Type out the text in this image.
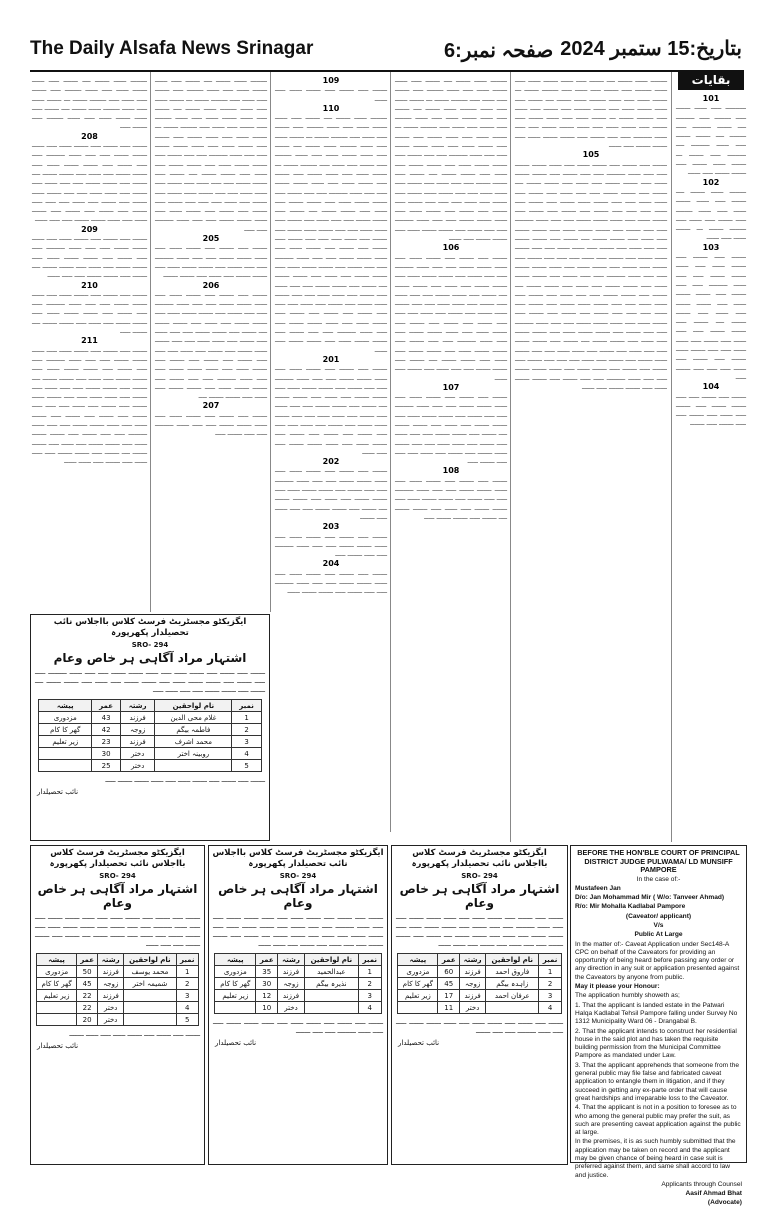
The Daily Alsafa News Srinagar	صفحہ نمبر:6 بتاریخ:15 ستمبر 2024
بقایات
101
ــــــــــ ـــــ ــــــ ـــــــ ـــــ ــــــــ ـــــ ـــــــــ ــــ ـــــــ ـــــــــ ـــــ ــــــــ ــــ ـــــــ ـــــــ ـــــ ــــــ ـــــــــ ــــ ـــــــــ ـــــ ـــــــ ـــ ـــــــ ــــــ ـــــــ ـــــ ـــــــ ـــــــ ـــــ ــــــ
102
ــــــــ ــــــ ـــــــ ــــ ـــــــ ـــــ ــــــ ـــــــ ــــــ ـــــ ــــــ ــــــــ ـــــ ـــــــ ـــــ ــــــ ـــــ ــــــــ ـــــــ ـــ ـــــــ ــــــ ـــــ ــــــ
103
ـــــــ ـــــ ـــــــ ـــــ ـــــــ ــــــ ـــــ ــــــ ـــــــ ـــــــ ـــــ ـــــ ــــــ ـــــــــ ـــــ ـــــ ـــــــ ـــــ ـــــــ ـــــــ ــــــ ـــــ ـــــــ ـــــــ ـــــ ــــــ ـــــ ـــــــ ـــــــ ــــ ـــــــ ـــــ ـــــــ ـــــــ ـــــ ـــــ ــــــ ـــــ ـــــــ ـــــ ــــــ ــــــ ـــــ ـــــ ـــــــ ــــــ ـــــــ ـــــ ـــــــ ـــــ ــــــ ـــــ ـــــ ـــــ ـــــــ ـــــ
104
ـــــــ ـــــ ـــــــ ـــــ ـــــ ـــــــ ـــــــ ـــــ ـــــــ ـــــ ــــــ ـــــ ـــــــ ـــــ ـــــ ـــــــ ـــــ ـــــــ
ــــــــ ــــــ ـــــــ ــــ ـــــــ ـــــ ــــــ ـــــــ ــــــ ـــــ ــــــ ــــــــ ـــــ ـــــــ ـــــ ــــــ ـــــ ــــــــ ـــــــ ـــ ـــــــ ــــــ ـــــ ــــــ ــــــــ ــــــ ـــــــ ــــ ـــــــ ـــــ ــــــ ـــــــ ــــــ ـــــ ــــــ ــــــــ ـــــ ـــــــ ـــــ ــــــ ـــــ ــــــــ ـــــــ ـــ ـــــــ ــــــ ـــــ ــــــ ـــــــ ـــــ ـــــــ ـــــ ـــــــ ــــــ ـــــ ــــــ ـــــــ ـــــــ ـــــ ـــــ ــــــ ـــــــــ ـــــ ـــــ ـــــــ ـــــ ـــــــ ـــــــ ــــــ ـــــ ـــــــ ـــــــ ـــــ ــــــ
105
ـــــــ ـــــ ـــــــ ـــــ ـــــــ ــــــ ـــــ ــــــ ـــــــ ـــــــ ـــــ ـــــ ــــــ ـــــــــ ـــــ ـــــ ـــــــ ـــــ ـــــــ ـــــــ ــــــ ـــــ ـــــــ ـــــــ ـــــ ــــــ ـــــ ـــــــ ـــــــ ــــ ـــــــ ـــــ ـــــــ ـــــــ ـــــ ـــــ ــــــ ـــــ ـــــــ ـــــ ــــــ ــــــ ـــــ ـــــ ـــــــ ــــــ ـــــــ ـــــ ـــــــ ـــــ ــــــ ـــــ ـــــ ـــــ ـــــــ ـــــ ـــــــ ـــــ ـــــــ ـــــ ـــــــ ــــــ ـــــ ــــــ ـــــــ ـــــــ ـــــ ـــــ ــــــ ـــــــــ ـــــ ـــــ ـــــــ ـــــ ـــــــ ـــــــ ــــــ ـــــ ـــــــ ـــــــ ـــــ ــــــ ـــــ ـــــــ ـــــــ ــــ ـــــــ ـــــ ـــــــ ـــــــ ـــــ ـــــ ــــــ ـــــ ـــــــ ـــــ ــــــ ــــــ ـــــ ـــــ ـــــــ ــــــ ـــــــ ـــــ ـــــــ ـــــ ــــــ ـــــ ـــــ ـــــ ـــــــ ـــــ ـــــــ ـــــ ـــــــ ـــــ ـــــــ ــــــ ـــــ ــــــ ـــــــ ـــــــ ـــــ ـــــ ــــــ ـــــــــ ـــــ ـــــ ـــــــ ـــــ ـــــــ ـــــــ ــــــ ـــــ ـــــــ ـــــــ ـــــ ــــــ ـــــ ـــــــ ـــــــ ــــ ـــــــ ـــــ ـــــــ ـــــــ ـــــ ـــــ ــــــ ـــــ ـــــــ ـــــ ــــــ ــــــ ـــــ ـــــ ـــــــ ــــــ ـــــــ ـــــ ـــــــ ـــــ ــــــ ـــــ ـــــ ـــــ ـــــــ ـــــ ـــــــ ـــــ ـــــــ ـــــ ـــــــ ــــــ ـــــ ــــــ ـــــــ ـــــــ ـــــ ـــــ ــــــ ـــــــــ ـــــ ـــــ ـــــــ ـــــ ـــــــ ـــــــ ــــــ ـــــ ـــــــ ـــــــ ـــــ ــــــ ـــــ ـــــــ ـــــــ ــــ ـــــــ ـــــ ـــــــ ـــــــ ـــــ ـــــ ــــــ ـــــ ـــــــ ـــــ ــــــ ــــــ ـــــ ـــــ ـــــــ ــــــ ـــــــ ـــــ ـــــــ ـــــ ــــــ ـــــ ـــــ ـــــ ـــــــ ـــــ ـــــــ ـــــ ـــــــ ـــــ ـــــــ ــــــ ـــــ ــــــ ـــــــ ـــــــ ـــــ ـــــ ــــــ ـــــــــ ـــــ ـــــ ـــــــ ـــــ ـــــــ ـــــــ ــــــ ـــــ ـــــــ ـــــــ ـــــ ــــــ
ــــــــ ــــــ ـــــــ ــــ ـــــــ ـــــ ــــــ ـــــــ ــــــ ـــــ ــــــ ــــــــ ـــــ ـــــــ ـــــ ــــــ ـــــ ــــــــ ـــــــ ـــ ـــــــ ــــــ ـــــ ــــــ ــــــــ ــــــ ـــــــ ــــ ـــــــ ـــــ ــــــ ـــــــ ــــــ ـــــ ــــــ ــــــــ ـــــ ـــــــ ـــــ ــــــ ـــــ ــــــــ ـــــــ ـــ ـــــــ ــــــ ـــــ ــــــ ـــــــ ـــــ ـــــــ ـــــ ـــــــ ــــــ ـــــ ــــــ ـــــــ ـــــــ ـــــ ـــــ ــــــ ـــــــــ ـــــ ـــــ ـــــــ ـــــ ـــــــ ـــــــ ــــــ ـــــ ـــــــ ـــــــ ـــــ ــــــ ـــــ ـــــــ ـــــــ ــــ ـــــــ ـــــ ـــــــ ـــــــ ـــــ ـــــ ــــــ ـــــ ـــــــ ـــــ ــــــ ــــــ ـــــ ـــــ ـــــــ ــــــ ـــــــ ـــــ ـــــــ ـــــ ــــــ ـــــ ـــــ ـــــ ـــــــ ـــــ ـــــــ ـــــ ـــــــ ـــــ ـــــــ ــــــ ـــــ ــــــ ـــــــ ـــــــ ـــــ ـــــ ــــــ ـــــــــ ـــــ ـــــ ـــــــ ـــــ ـــــــ ـــــــ ــــــ ـــــ ـــــــ ـــــــ ـــــ ــــــ
106
ـــــــ ـــــ ـــــــ ـــــ ـــــــ ــــــ ـــــ ــــــ ـــــــ ـــــــ ـــــ ـــــ ــــــ ـــــــــ ـــــ ـــــ ـــــــ ـــــ ـــــــ ـــــــ ــــــ ـــــ ـــــــ ـــــــ ـــــ ــــــ ـــــ ـــــــ ـــــــ ــــ ـــــــ ـــــ ـــــــ ـــــــ ـــــ ـــــ ــــــ ـــــ ـــــــ ـــــ ــــــ ــــــ ـــــ ـــــ ـــــــ ــــــ ـــــــ ـــــ ـــــــ ـــــ ــــــ ـــــ ـــــ ـــــ ـــــــ ـــــ ـــــــ ـــــ ـــــــ ـــــ ـــــــ ــــــ ـــــ ــــــ ـــــــ ـــــــ ـــــ ـــــ ــــــ ـــــــــ ـــــ ـــــ ـــــــ ـــــ ـــــــ ـــــــ ــــــ ـــــ ـــــــ ـــــــ ـــــ ــــــ ـــــ ـــــــ ـــــــ ــــ ـــــــ ـــــ ـــــــ ـــــــ ـــــ ـــــ ــــــ ـــــ ـــــــ ـــــ ــــــ
107
ـــــــ ـــــ ـــــــ ـــــ ـــــــ ــــــ ـــــ ــــــ ـــــــ ـــــــ ـــــ ـــــ ــــــ ـــــــــ ـــــ ـــــ ـــــــ ـــــ ـــــــ ـــــــ ــــــ ـــــ ـــــــ ـــــــ ـــــ ــــــ ـــــ ـــــــ ـــــــ ــــ ـــــــ ـــــ ـــــــ ـــــــ ـــــ ـــــ ــــــ ـــــ ـــــــ ـــــ ــــــ ــــــ ـــــ ـــــ ـــــــ ــــــ ـــــــ ـــــ ـــــــ ـــــ ــــــ ـــــ ـــــ ـــــ ـــــــ ـــــ
108
ـــــــ ـــــ ـــــــ ـــــ ـــــــ ــــــ ـــــ ــــــ ـــــــ ـــــــ ـــــ ـــــ ــــــ ـــــــــ ـــــ ـــــ ـــــــ ـــــ ـــــــ ـــــــ ــــــ ـــــ ـــــــ ـــــــ ـــــ ــــــ ـــــ ـــــــ ـــــــ ــــ ـــــــ ـــــ ـــــــ ـــــــ ـــــ
109
ـــــــ ـــــ ـــــــ ـــــ ـــــــ ــــــ ـــــ ــــــ
110
ــــــــ ــــــ ـــــــ ــــ ـــــــ ـــــ ــــــ ـــــــ ــــــ ـــــ ــــــ ــــــــ ـــــ ـــــــ ـــــ ــــــ ـــــ ــــــــ ـــــــ ـــ ـــــــ ــــــ ـــــ ــــــ ــــــــ ــــــ ـــــــ ــــ ـــــــ ـــــ ــــــ ـــــــ ــــــ ـــــ ــــــ ــــــــ ـــــ ـــــــ ـــــ ــــــ ـــــ ــــــــ ـــــــ ـــ ـــــــ ــــــ ـــــ ــــــ ـــــــ ـــــ ـــــــ ـــــ ـــــــ ــــــ ـــــ ــــــ ـــــــ ـــــــ ـــــ ـــــ ــــــ ـــــــــ ـــــ ـــــ ـــــــ ـــــ ـــــــ ـــــــ ــــــ ـــــ ـــــــ ـــــــ ـــــ ــــــ ـــــ ـــــــ ـــــــ ــــ ـــــــ ـــــ ـــــــ ـــــــ ـــــ ـــــ ــــــ ـــــ ـــــــ ـــــ ــــــ ــــــ ـــــ ـــــ ـــــــ ــــــ ـــــــ ـــــ ـــــــ ـــــ ــــــ ـــــ ـــــ ـــــ ـــــــ ـــــ ـــــــ ـــــ ـــــــ ـــــ ـــــــ ــــــ ـــــ ــــــ ـــــــ ـــــــ ـــــ ـــــ ــــــ ـــــــــ ـــــ ـــــ ـــــــ ـــــ ـــــــ ـــــــ ــــــ ـــــ ـــــــ ـــــــ ـــــ ــــــ ـــــ ـــــــ ـــــــ ــــ ـــــــ ـــــ ـــــــ ـــــــ ـــــ ـــــ ــــــ ـــــ ـــــــ ـــــ ــــــ ــــــ ـــــ ـــــ ـــــــ ــــــ ـــــــ ـــــ ـــــــ ـــــ ــــــ ـــــ ـــــ ـــــ ـــــــ ـــــ ـــــــ ـــــ ـــــــ ـــــ ـــــــ ــــــ ـــــ ــــــ ـــــــ ـــــــ ـــــ ـــــ ــــــ ـــــــــ ـــــ ـــــ ـــــــ ـــــ ـــــــ ـــــــ ــــــ ـــــ ـــــــ ـــــــ ـــــ ــــــ
201
ـــــــ ـــــ ـــــــ ـــــ ـــــــ ــــــ ـــــ ــــــ ـــــــ ـــــــ ـــــ ـــــ ــــــ ـــــــــ ـــــ ـــــ ـــــــ ـــــ ـــــــ ـــــــ ــــــ ـــــ ـــــــ ـــــــ ـــــ ــــــ ـــــ ـــــــ ـــــــ ــــ ـــــــ ـــــ ـــــــ ـــــــ ـــــ ـــــ ــــــ ـــــ ـــــــ ـــــ ــــــ ــــــ ـــــ ـــــ ـــــــ ــــــ ـــــــ ـــــ ـــــــ ـــــ ــــــ ـــــ ـــــ ـــــ ـــــــ ـــــ ـــــــ ـــــ ـــــــ ـــــ ـــــــ ــــــ ـــــ ــــــ ـــــــ ـــــــ ـــــ ـــــ ــــــ
202
ـــــــ ـــــ ـــــــ ـــــ ـــــــ ــــــ ـــــ ــــــ ـــــــ ـــــــ ـــــ ـــــ ــــــ ـــــــــ ـــــ ـــــ ـــــــ ـــــ ـــــــ ـــــــ ــــــ ـــــ ـــــــ ـــــــ ـــــ ــــــ ـــــ ـــــــ ـــــــ ــــ ـــــــ ـــــ ـــــــ ـــــــ ـــــ ـــــ ــــــ ـــــ ـــــــ
203
ـــــــ ـــــ ـــــــ ـــــ ـــــــ ــــــ ـــــ ــــــ ـــــــ ـــــــ ـــــ ـــــ ــــــ ـــــــــ ـــــ ـــــ ـــــــ ـــــ
204
ـــــــ ـــــ ـــــــ ـــــ ـــــــ ــــــ ـــــ ــــــ ـــــــ ـــــــ ـــــ ـــــ ــــــ ـــــــــ ـــــ ـــــ ـــــــ ـــــ ـــــــ ـــــــ ــــــ
ــــــــ ــــــ ـــــــ ــــ ـــــــ ـــــ ــــــ ـــــــ ــــــ ـــــ ــــــ ــــــــ ـــــ ـــــــ ـــــ ــــــ ـــــ ــــــــ ـــــــ ـــ ـــــــ ــــــ ـــــ ــــــ ــــــــ ــــــ ـــــــ ــــ ـــــــ ـــــ ــــــ ـــــــ ــــــ ـــــ ــــــ ــــــــ ـــــ ـــــــ ـــــ ــــــ ـــــ ــــــــ ـــــــ ـــ ـــــــ ــــــ ـــــ ــــــ ـــــــ ـــــ ـــــــ ـــــ ـــــــ ــــــ ـــــ ــــــ ـــــــ ـــــــ ـــــ ـــــ ــــــ ـــــــــ ـــــ ـــــ ـــــــ ـــــ ـــــــ ـــــــ ــــــ ـــــ ـــــــ ـــــــ ـــــ ــــــ ـــــ ـــــــ ـــــــ ــــ ـــــــ ـــــ ـــــــ ـــــــ ـــــ ـــــ ــــــ ـــــ ـــــــ ـــــ ــــــ ــــــ ـــــ ـــــ ـــــــ ــــــ ـــــــ ـــــ ـــــــ ـــــ ــــــ ـــــ ـــــ ـــــ ـــــــ ـــــ ـــــــ ـــــ ـــــــ ـــــ ـــــــ ــــــ ـــــ ــــــ ـــــــ ـــــــ ـــــ ـــــ ــــــ ـــــــــ ـــــ ـــــ
205
ـــــــ ـــــ ـــــــ ـــــ ـــــــ ــــــ ـــــ ــــــ ـــــــ ـــــــ ـــــ ـــــ ــــــ ـــــــــ ـــــ ـــــ ـــــــ ـــــ ـــــــ ـــــــ ــــــ ـــــ ـــــــ ـــــــ ـــــ ــــــ ـــــ ـــــــ ـــــــ
206
ـــــــ ـــــ ـــــــ ـــــ ـــــــ ــــــ ـــــ ــــــ ـــــــ ـــــــ ـــــ ـــــ ــــــ ـــــــــ ـــــ ـــــ ـــــــ ـــــ ـــــــ ـــــــ ــــــ ـــــ ـــــــ ـــــــ ـــــ ــــــ ـــــ ـــــــ ـــــــ ــــ ـــــــ ـــــ ـــــــ ـــــــ ـــــ ـــــ ــــــ ـــــ ـــــــ ـــــ ــــــ ــــــ ـــــ ـــــ ـــــــ ــــــ ـــــــ ـــــ ـــــــ ـــــ ــــــ ـــــ ـــــ ـــــ ـــــــ ـــــ ـــــــ ـــــ ـــــــ ـــــ ـــــــ ــــــ ـــــ ــــــ ـــــــ ـــــــ ـــــ ـــــ ــــــ ـــــــــ ـــــ ـــــ ـــــــ ـــــ ـــــــ ـــــــ ــــــ ـــــ ـــــــ ـــــــ ـــــ ــــــ ـــــ ـــــــ ـــــــ ــــ
207
ـــــــ ـــــ ـــــــ ـــــ ـــــــ ــــــ ـــــ ــــــ ـــــــ ـــــــ ـــــ ـــــ ــــــ ـــــــــ ـــــ ـــــ ـــــــ ـــــ
ــــــــ ــــــ ـــــــ ــــ ـــــــ ـــــ ــــــ ـــــــ ــــــ ـــــ ــــــ ــــــــ ـــــ ـــــــ ـــــ ــــــ ـــــ ــــــــ ـــــــ ـــ ـــــــ ــــــ ـــــ ــــــ ــــــــ ــــــ ـــــــ ــــ ـــــــ ـــــ ــــــ ـــــــ ــــــ ـــــ ــــــ ــــــــ ـــــ ـــــــ ـــــ
208
ـــــــ ـــــ ـــــــ ـــــ ـــــــ ــــــ ـــــ ــــــ ـــــــ ـــــــ ـــــ ـــــ ــــــ ـــــــــ ـــــ ـــــ ـــــــ ـــــ ـــــــ ـــــــ ــــــ ـــــ ـــــــ ـــــــ ـــــ ــــــ ـــــ ـــــــ ـــــــ ــــ ـــــــ ـــــ ـــــــ ـــــــ ـــــ ـــــ ــــــ ـــــ ـــــــ ـــــ ــــــ ــــــ ـــــ ـــــ ـــــــ ــــــ ـــــــ ـــــ ـــــــ ـــــ ــــــ ـــــ ـــــ ـــــ ـــــــ ـــــ ـــــــ ـــــ ـــــــ ـــــ ـــــــ ــــــ ـــــ ــــــ ـــــــ ـــــــ ـــــ ـــــ ــــــ
209
ـــــــ ـــــ ـــــــ ـــــ ـــــــ ــــــ ـــــ ــــــ ـــــــ ـــــــ ـــــ ـــــ ــــــ ـــــــــ ـــــ ـــــ ـــــــ ـــــ ـــــــ ـــــــ ــــــ ـــــ ـــــــ ـــــــ ـــــ ــــــ ـــــ ـــــــ ـــــــ ــــ ـــــــ ـــــ ـــــــ ـــــــ ـــــ ـــــ ــــــ
210
ـــــــ ـــــ ـــــــ ـــــ ـــــــ ــــــ ـــــ ــــــ ـــــــ ـــــــ ـــــ ـــــ ــــــ ـــــــــ ـــــ ـــــ ـــــــ ـــــ ـــــــ ـــــــ ــــــ ـــــ ـــــــ ـــــــ ـــــ ــــــ ـــــ ـــــــ ـــــــ ــــ ـــــــ ـــــ
211
ـــــــ ـــــ ـــــــ ـــــ ـــــــ ــــــ ـــــ ــــــ ـــــــ ـــــــ ـــــ ـــــ ــــــ ـــــــــ ـــــ ـــــ ـــــــ ـــــ ـــــــ ـــــــ ــــــ ـــــ ـــــــ ـــــــ ـــــ ــــــ ـــــ ـــــــ ـــــــ ــــ ـــــــ ـــــ ـــــــ ـــــــ ـــــ ـــــ ــــــ ـــــ ـــــــ ـــــ ــــــ ــــــ ـــــ ـــــ ـــــــ ــــــ ـــــــ ـــــ ـــــــ ـــــ ــــــ ـــــ ـــــ ـــــ ـــــــ ـــــ ـــــــ ـــــ ـــــــ ـــــ ـــــــ ــــــ ـــــ ــــــ ـــــــ ـــــــ ـــــ ـــــ ــــــ ـــــــــ ـــــ ـــــ ـــــــ ـــــ ـــــــ ـــــــ ــــــ ـــــ ـــــــ ـــــــ ـــــ ــــــ ـــــ ـــــــ ـــــــ ــــ ـــــــ ـــــ ـــــــ ـــــــ ـــــ ـــــ ــــــ ـــــ ـــــــ ـــــ ــــــ ــــــ
ایگزیکٹو مجسٹریٹ فرسٹ کلاس بااجلاس نائب تحصیلدار پکھرپورہ
SRO- 294
اشتہار مراد آگاہی ہر خاص وعام
ـــــــ ـــــ ـــــــ ـــــ ـــــــ ــــــ ـــــ ــــــ ـــــــ ـــــــ ـــــ ـــــ ــــــ ـــــــــ ـــــ ـــــ ـــــــ ـــــ ـــــــ ـــــــ ــــــ ـــــ ـــــــ ـــــــ ـــــ ــــــ ـــــ ـــــــ ـــــــ ــــ ـــــــ ـــــ ـــــــ ـــــــ ـــــ ـــــ ــــــ ـــــ
نمبر	نام لواحقین	رشتہ	عمر	پیشہ
1	غلام محی الدین	فرزند	43	مزدوری
2	فاطمہ بیگم	زوجہ	42	گھر کا کام
3	محمد اشرف	فرزند	23	زیر تعلیم
4	روبینہ اختر	دختر	30	
5		دختر	25	
ـــــــ ـــــ ـــــــ ـــــ ـــــــ ــــــ ـــــ ــــــ ـــــــ ـــــــ ـــــ
نائب تحصیلدار
ایگزیکٹو مجسٹریٹ فرسٹ کلاس بااجلاس نائب تحصیلدار پکھرپورہ
SRO- 294
اشتہار مراد آگاہی ہر خاص وعام
ـــــــ ـــــ ـــــــ ـــــ ـــــــ ــــــ ـــــ ــــــ ـــــــ ـــــــ ـــــ ـــــ ــــــ ـــــــــ ـــــ ـــــ ـــــــ ـــــ ـــــــ ـــــــ ــــــ ـــــ ـــــــ ـــــــ ـــــ ــــــ ـــــ ـــــــ ـــــــ ــــ ـــــــ ـــــ ـــــــ ـــــــ ـــــ ـــــ ــــــ ـــــ ـــــــ ـــــ ــــــ ــــــ
نمبر	نام لواحقین	رشتہ	عمر	پیشہ
1	فاروق احمد	فرزند	60	مزدوری
2	زاہدہ بیگم	زوجہ	45	گھر کا کام
3	عرفان احمد	فرزند	17	زیر تعلیم
4		دختر	11	
ـــــــ ـــــ ـــــــ ـــــ ـــــــ ــــــ ـــــ ــــــ ـــــــ ـــــــ ـــــ ـــــ ــــــ ـــــــــ ـــــ ـــــ ـــــــ
نائب تحصیلدار
ایگزیکٹو مجسٹریٹ فرسٹ کلاس بااجلاس نائب تحصیلدار پکھرپورہ
SRO- 294
اشتہار مراد آگاہی ہر خاص وعام
ـــــــ ـــــ ـــــــ ـــــ ـــــــ ــــــ ـــــ ــــــ ـــــــ ـــــــ ـــــ ـــــ ــــــ ـــــــــ ـــــ ـــــ ـــــــ ـــــ ـــــــ ـــــــ ــــــ ـــــ ـــــــ ـــــــ ـــــ ــــــ ـــــ ـــــــ ـــــــ ــــ ـــــــ ـــــ ـــــــ ـــــــ ـــــ ـــــ ــــــ ـــــ ـــــــ ـــــ ــــــ ــــــ
نمبر	نام لواحقین	رشتہ	عمر	پیشہ
1	عبدالحمید	فرزند	35	مزدوری
2	نذیرہ بیگم	زوجہ	30	گھر کا کام
3		فرزند	12	زیر تعلیم
4		دختر	10	
ـــــــ ـــــ ـــــــ ـــــ ـــــــ ــــــ ـــــ ــــــ ـــــــ ـــــــ ـــــ ـــــ ــــــ ـــــــــ ـــــ ـــــ ـــــــ
نائب تحصیلدار
ایگزیکٹو مجسٹریٹ فرسٹ کلاس بااجلاس نائب تحصیلدار پکھرپورہ
SRO- 294
اشتہار مراد آگاہی ہر خاص وعام
ـــــــ ـــــ ـــــــ ـــــ ـــــــ ــــــ ـــــ ــــــ ـــــــ ـــــــ ـــــ ـــــ ــــــ ـــــــــ ـــــ ـــــ ـــــــ ـــــ ـــــــ ـــــــ ــــــ ـــــ ـــــــ ـــــــ ـــــ ــــــ ـــــ ـــــــ ـــــــ ــــ ـــــــ ـــــ ـــــــ ـــــــ ـــــ ـــــ ــــــ
نمبر	نام لواحقین	رشتہ	عمر	پیشہ
1	محمد یوسف	فرزند	50	مزدوری
2	شمیمہ اختر	زوجہ	45	گھر کا کام
3		فرزند	22	زیر تعلیم
4		دختر	22	
5		دختر	20	
ـــــــ ـــــ ـــــــ ـــــ ـــــــ ــــــ ـــــ ــــــ ـــــــ
نائب تحصیلدار
BEFORE THE HON'BLE COURT OF PRINCIPAL DISTRICT JUDGE PULWAMA/ LD MUNSIFF PAMPORE

In the case of:-

Mustafeen Jan

D/o: Jan Mohammad Mir ( W/o: Tanveer Ahmad)

R/o: Mir Mohalla Kadlabal Pampore

(Caveator/ applicant)

V/s

Public At Large

In the matter of:- Caveat Application under Sec148-A CPC on behalf of the Caveators for providing an opportunity of being heard before passing any order or any direction in any suit or application presented against the Caveators by anyone from public.

May it please your Honour:

The application humbly showeth as;

1. That the applicant is landed estate in the Patwari Halqa Kadlabal Tehsil Pampore falling under Survey No 1312 Municipality Ward 06 - Drangabal B.

2. That the applicant intends to construct her residential house in the said plot and has taken the requisite building permission from the Municipal Committee Pampore as mandated under Law.

3. That the applicant apprehends that someone from the general public may file false and fabricated caveat application to entangle them in litigation, and if they succeed in getting any ex-parte order that will cause great hardships and irreparable loss to the Caveator.

4. That the applicant is not in a position to foresee as to who among the general public may prefer the suit, as such are presenting caveat application against the public at large.

In the premises, it is as such humbly submitted that the application may be taken on record and the applicant may be given chance of being heard in case suit is preferred against them, and same shall accord to law and justice.

Applicants through Counsel

Aasif Ahmad Bhat

(Advocate)
